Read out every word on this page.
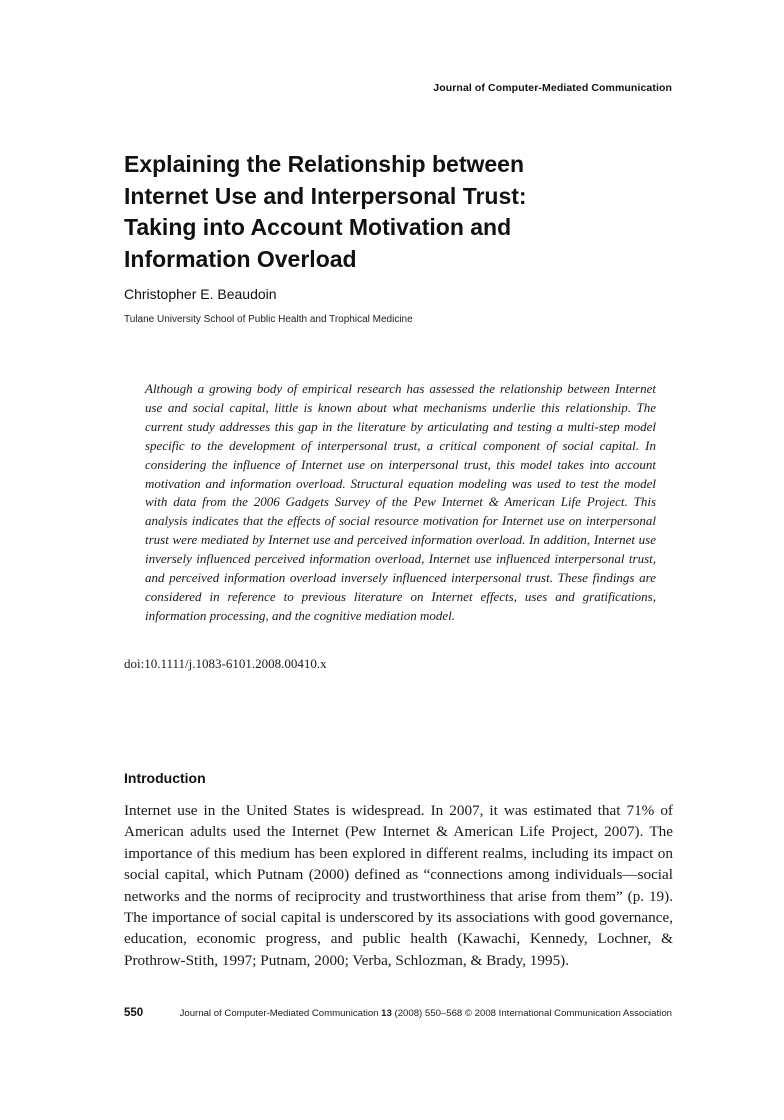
Journal of Computer-Mediated Communication
Explaining the Relationship between
Internet Use and Interpersonal Trust:
Taking into Account Motivation and
Information Overload
Christopher E. Beaudoin
Tulane University School of Public Health and Trophical Medicine

Although a growing body of empirical research has assessed the relationship between Internet use and social capital, little is known about what mechanisms underlie this relationship. The current study addresses this gap in the literature by articulating and testing a multi-step model specific to the development of interpersonal trust, a critical component of social capital. In considering the influence of Internet use on interpersonal trust, this model takes into account motivation and information overload. Structural equation modeling was used to test the model with data from the 2006 Gadgets Survey of the Pew Internet & American Life Project. This analysis indicates that the effects of social resource motivation for Internet use on interpersonal trust were mediated by Internet use and perceived information overload. In addition, Internet use inversely influenced perceived information overload, Internet use influenced interpersonal trust, and perceived information overload inversely influenced interpersonal trust. These findings are considered in reference to previous literature on Internet effects, uses and gratifications, information processing, and the cognitive mediation model.

doi:10.1111/j.1083-6101.2008.00410.x
Introduction

Internet use in the United States is widespread. In 2007, it was estimated that 71% of American adults used the Internet (Pew Internet & American Life Project, 2007). The importance of this medium has been explored in different realms, including its impact on social capital, which Putnam (2000) defined as “connections among individuals—social networks and the norms of reciprocity and trustworthiness that arise from them” (p. 19). The importance of social capital is underscored by its associations with good governance, education, economic progress, and public health (Kawachi, Kennedy, Lochner, & Prothrow-Stith, 1997; Putnam, 2000; Verba, Schlozman, & Brady, 1995).

550	Journal of Computer-Mediated Communication 13 (2008) 550–568 © 2008 International Communication Association
